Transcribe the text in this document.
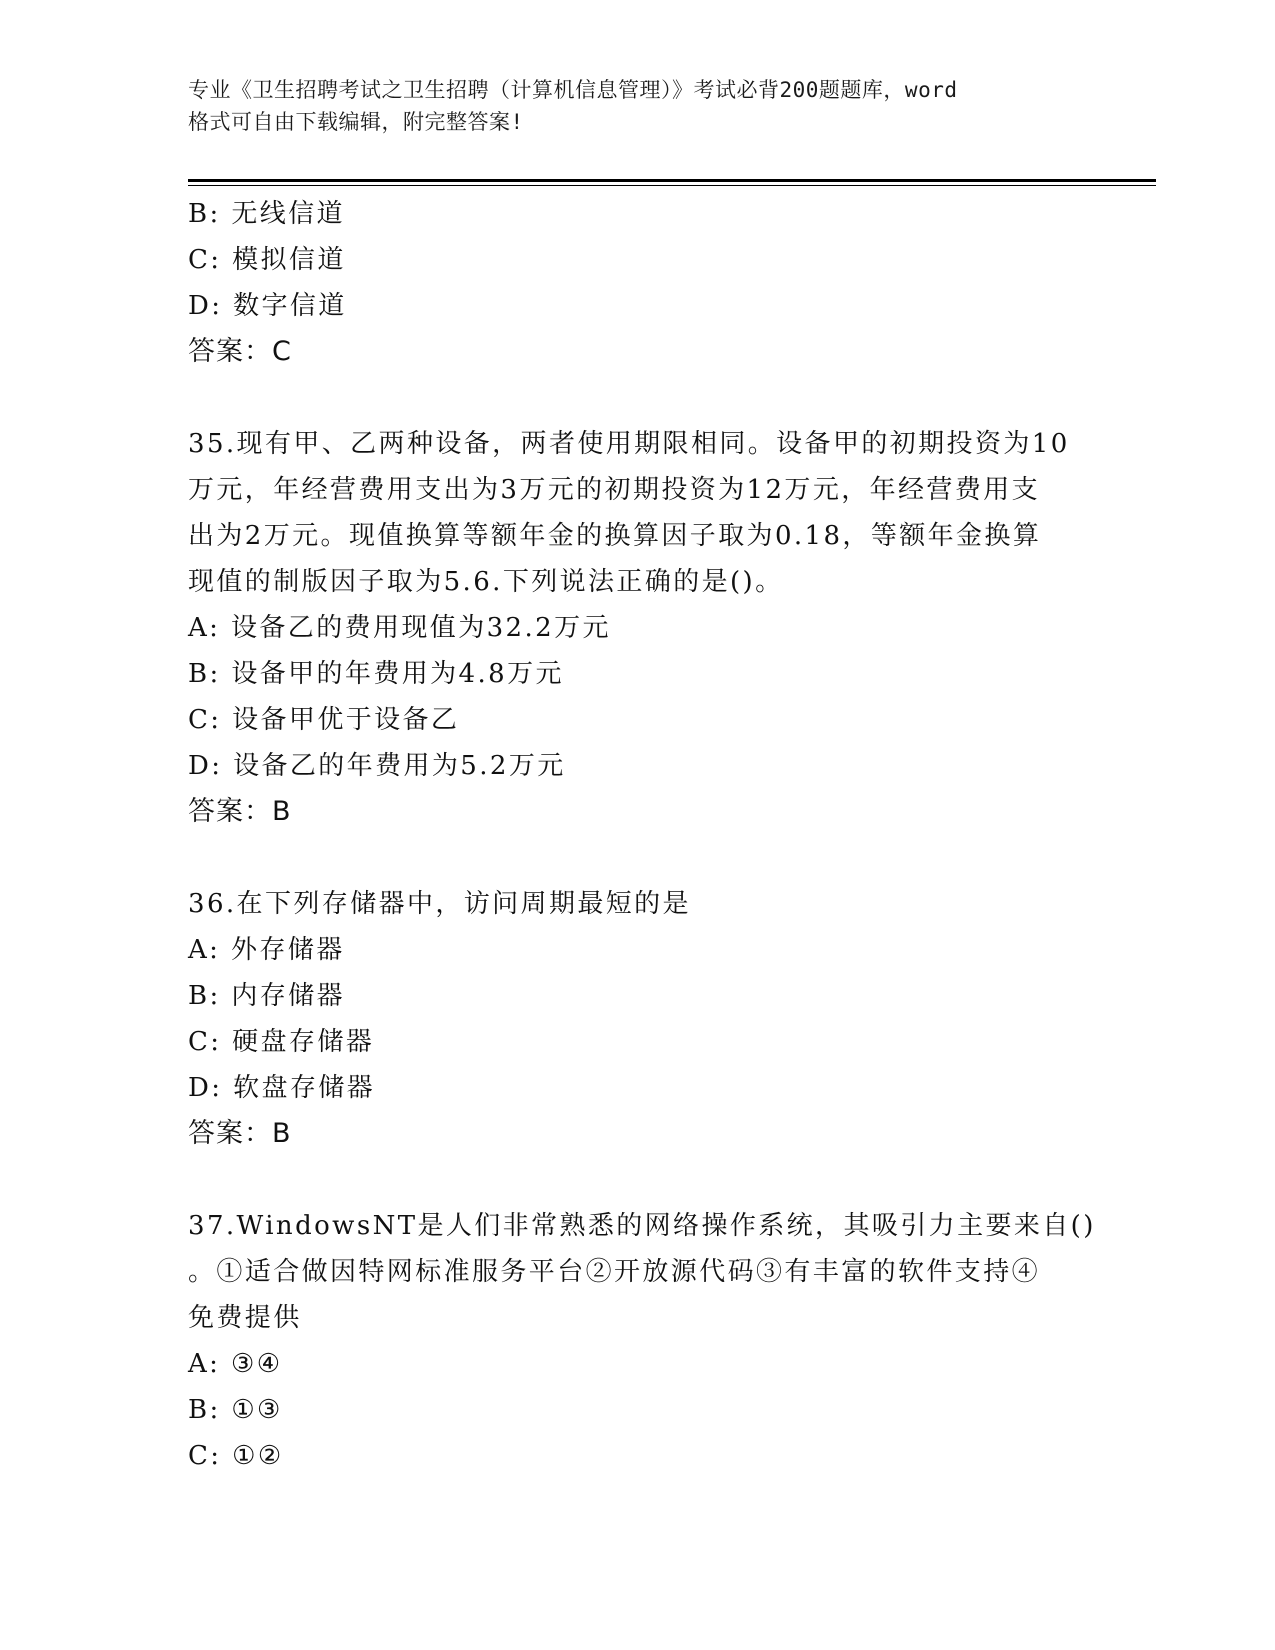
专业《卫生招聘考试之卫生招聘（计算机信息管理）》考试必背200题题库，word
格式可自由下载编辑，附完整答案!
B: 无线信道
C: 模拟信道
D: 数字信道
答案：C
35.现有甲、乙两种设备，两者使用期限相同。设备甲的初期投资为10
万元，年经营费用支出为3万元的初期投资为12万元，年经营费用支
出为2万元。现值换算等额年金的换算因子取为0.18，等额年金换算
现值的制版因子取为5.6.下列说法正确的是()。
A: 设备乙的费用现值为32.2万元
B: 设备甲的年费用为4.8万元
C: 设备甲优于设备乙
D: 设备乙的年费用为5.2万元
答案：B
36.在下列存储器中，访问周期最短的是
A: 外存储器
B: 内存储器
C: 硬盘存储器
D: 软盘存储器
答案：B
37.WindowsNT是人们非常熟悉的网络操作系统，其吸引力主要来自()
。①适合做因特网标准服务平台②开放源代码③有丰富的软件支持④
免费提供
A: ③④
B: ①③
C: ①②
